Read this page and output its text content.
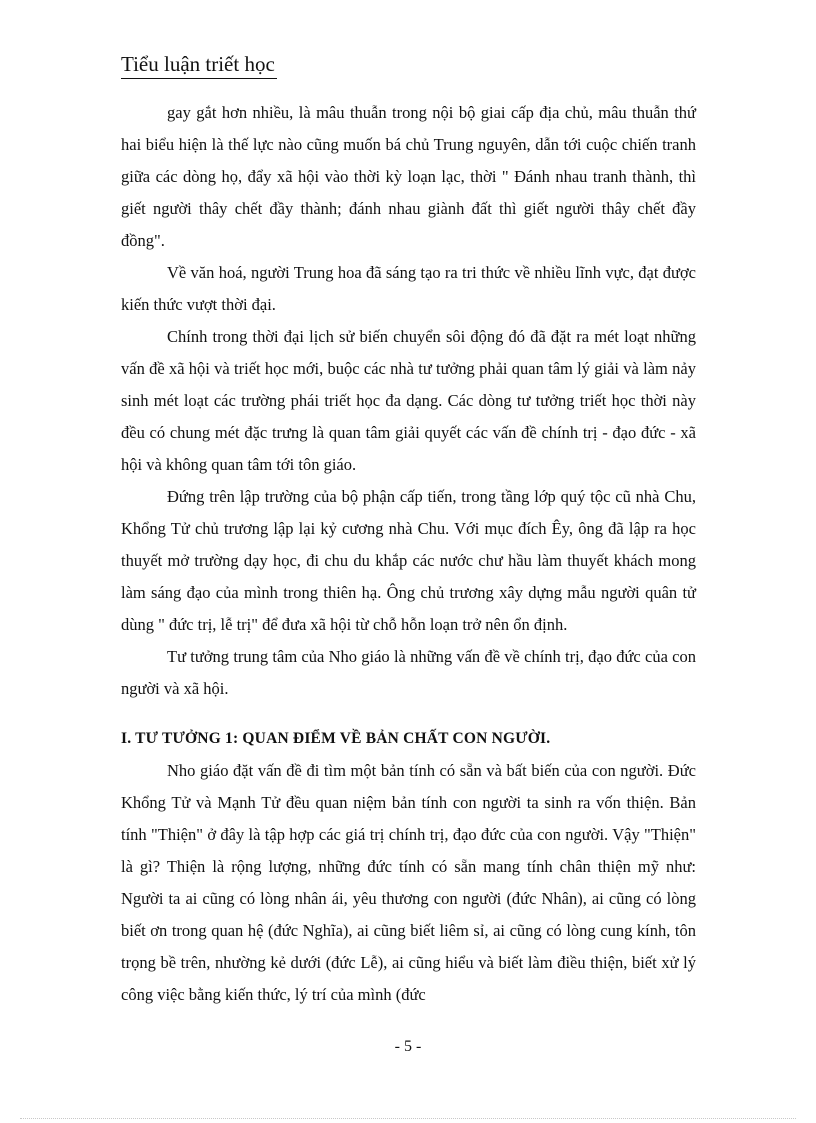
Tiểu luận triết học

gay gắt hơn nhiều, là mâu thuẫn trong nội bộ giai cấp địa chủ, mâu thuẫn thứ hai biểu hiện là thế lực nào cũng muốn bá chủ Trung nguyên, dẫn tới cuộc chiến tranh giữa các dòng họ, đẩy xã hội vào thời kỳ loạn lạc, thời " Đánh nhau tranh thành, thì giết người thây chết đầy thành; đánh nhau giành đất thì giết người thây chết đầy đồng".

Về văn hoá, người Trung hoa đã sáng tạo ra tri thức về nhiều lĩnh vực, đạt được kiến thức vượt thời đại.

Chính trong thời đại lịch sử biến chuyển sôi động đó đã đặt ra mét loạt những vấn đề xã hội và triết học mới, buộc các nhà tư tưởng phải quan tâm lý giải và làm nảy sinh mét loạt các trường phái triết học đa dạng. Các dòng tư tưởng triết học thời này đều có chung mét đặc trưng là quan tâm giải quyết các vấn đề chính trị - đạo đức - xã hội và không quan tâm tới tôn giáo.

Đứng trên lập trường của bộ phận cấp tiến, trong tầng lớp quý tộc cũ nhà Chu, Khổng Tử chủ trương lập lại kỷ cương nhà Chu. Với mục đích Êy, ông đã lập ra học thuyết mở trường dạy học, đi chu du khắp các nước chư hầu làm thuyết khách mong làm sáng đạo của mình trong thiên hạ. Ông chủ trương xây dựng mẫu người quân tử dùng " đức trị, lễ trị" để đưa xã hội từ chỗ hỗn loạn trở nên ổn định.

Tư tưởng trung tâm của Nho giáo là những vấn đề về chính trị, đạo đức của con người và xã hội.

I. TƯ TƯỞNG 1: QUAN ĐIỂM VỀ BẢN CHẤT CON NGƯỜI.

Nho giáo đặt vấn đề đi tìm một bản tính có sẵn và bất biến của con người. Đức Khổng Tử và Mạnh Tử đều quan niệm bản tính con người ta sinh ra vốn thiện. Bản tính "Thiện" ở đây là tập hợp các giá trị chính trị, đạo đức của con người. Vậy "Thiện" là gì? Thiện là rộng lượng, những đức tính có sẵn mang tính chân thiện mỹ như: Người ta ai cũng có lòng nhân ái, yêu thương con người (đức Nhân), ai cũng có lòng biết ơn trong quan hệ (đức Nghĩa), ai cũng biết liêm sỉ, ai cũng có lòng cung kính, tôn trọng bề trên, nhường kẻ dưới (đức Lễ), ai cũng hiểu và biết làm điều thiện, biết xử lý công việc bằng kiến thức, lý trí của mình (đức

- 5 -
